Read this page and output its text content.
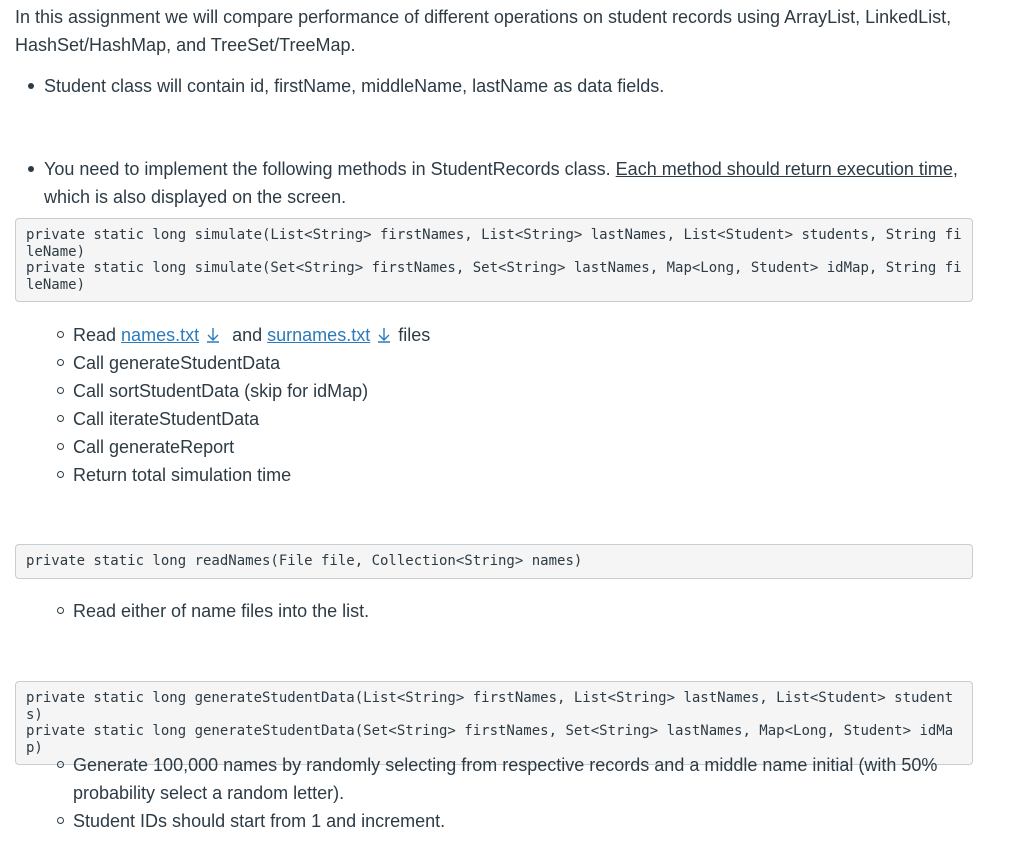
In this assignment we will compare performance of different operations on student records using ArrayList, LinkedList, HashSet/HashMap, and TreeSet/TreeMap.

Student class will contain id, firstName, middleName, lastName as data fields.
You need to implement the following methods in StudentRecords class. Each method should return execution time, which is also displayed on the screen.
private static long simulate(List<String> firstNames, List<String> lastNames, List<Student> students, String fileName)
private static long simulate(Set<String> firstNames, Set<String> lastNames, Map<Long, Student> idMap, String fileName)
Read names.txt and surnames.txt files
Call generateStudentData
Call sortStudentData (skip for idMap)
Call iterateStudentData
Call generateReport
Return total simulation time
private static long readNames(File file, Collection<String> names)
Read either of name files into the list.
private static long generateStudentData(List<String> firstNames, List<String> lastNames, List<Student> students)
private static long generateStudentData(Set<String> firstNames, Set<String> lastNames, Map<Long, Student> idMap)
Generate 100,000 names by randomly selecting from respective records and a middle name initial (with 50% probability select a random letter).
Student IDs should start from 1 and increment.
